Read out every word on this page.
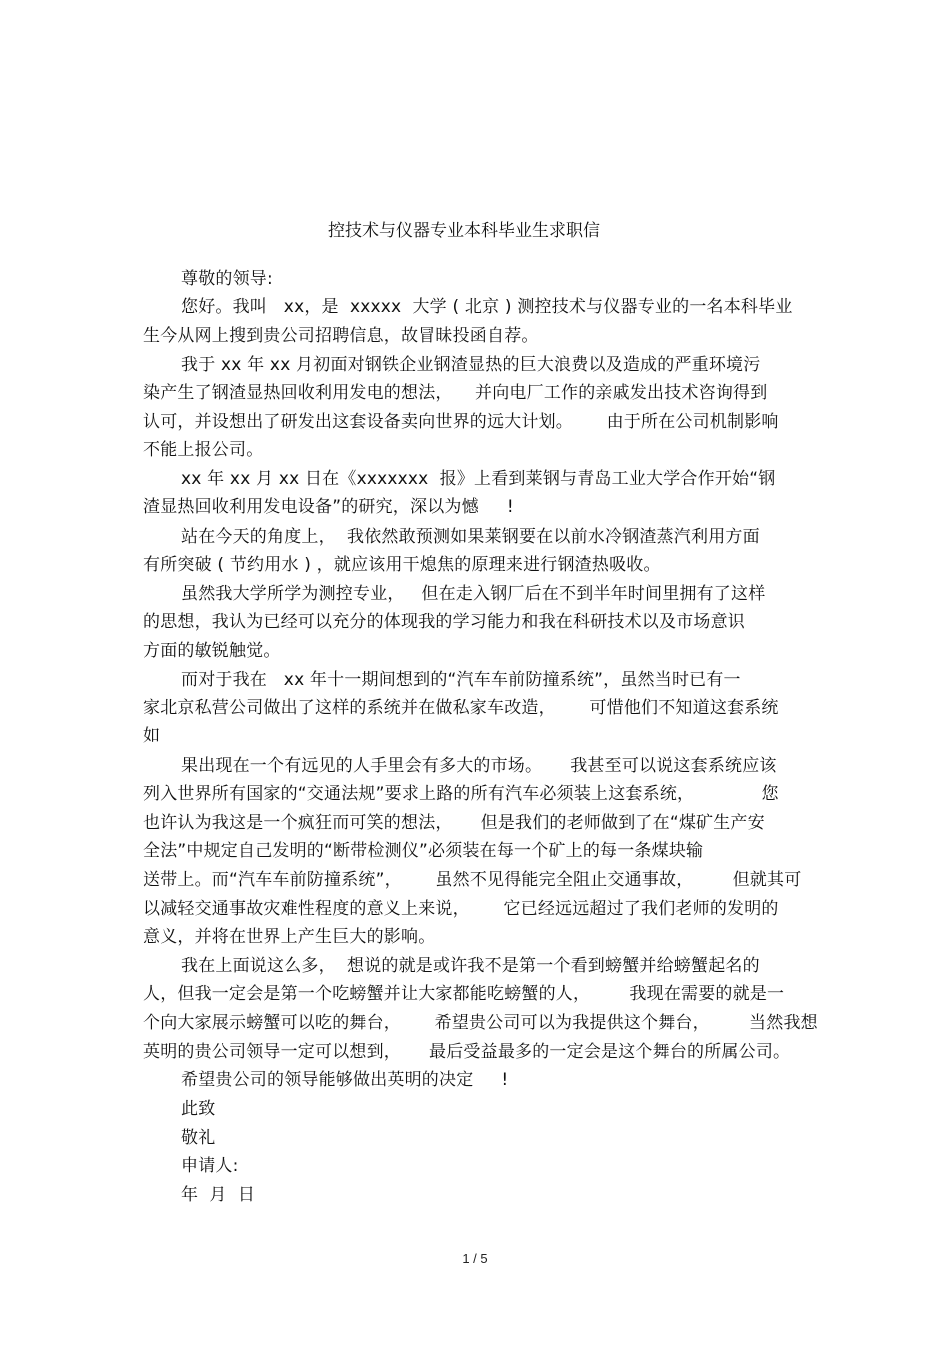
控技术与仪器专业本科毕业生求职信
尊敬的领导:
您好。我叫   xx，是  xxxxx  大学 ( 北京 ) 测控技术与仪器专业的一名本科毕业
生今从网上搜到贵公司招聘信息，故冒昧投函自荐。
我于 xx 年 xx 月初面对钢铁企业钢渣显热的巨大浪费以及造成的严重环境污
染产生了钢渣显热回收利用发电的想法，    并向电厂工作的亲戚发出技术咨询得到
认可，并设想出了研发出这套设备卖向世界的远大计划。      由于所在公司机制影响
不能上报公司。
xx 年 xx 月 xx 日在《xxxxxxx  报》上看到莱钢与青岛工业大学合作开始“钢
渣显热回收利用发电设备”的研究，深以为憾     !
站在今天的角度上，  我依然敢预测如果莱钢要在以前水冷钢渣蒸汽利用方面
有所突破 ( 节约用水 ) ，就应该用干熄焦的原理来进行钢渣热吸收。
虽然我大学所学为测控专业，   但在走入钢厂后在不到半年时间里拥有了这样
的思想，我认为已经可以充分的体现我的学习能力和我在科研技术以及市场意识
方面的敏锐触觉。
而对于我在   xx 年十一期间想到的“汽车车前防撞系统”，虽然当时已有一
家北京私营公司做出了这样的系统并在做私家车改造，      可惜他们不知道这套系统
如
果出现在一个有远见的人手里会有多大的市场。     我甚至可以说这套系统应该
列入世界所有国家的“交通法规”要求上路的所有汽车必须装上这套系统，            您
也许认为我这是一个疯狂而可笑的想法，     但是我们的老师做到了在“煤矿生产安
全法”中规定自己发明的“断带检测仪”必须装在每一个矿上的每一条煤块输
送带上。而“汽车车前防撞系统”，      虽然不见得能完全阻止交通事故，       但就其可
以减轻交通事故灾难性程度的意义上来说，      它已经远远超过了我们老师的发明的
意义，并将在世界上产生巨大的影响。
我在上面说这么多，  想说的就是或许我不是第一个看到螃蟹并给螃蟹起名的
人，但我一定会是第一个吃螃蟹并让大家都能吃螃蟹的人，       我现在需要的就是一
个向大家展示螃蟹可以吃的舞台，      希望贵公司可以为我提供这个舞台，       当然我想
英明的贵公司领导一定可以想到，     最后受益最多的一定会是这个舞台的所属公司。
希望贵公司的领导能够做出英明的决定     !
此致
敬礼
申请人:
年  月  日
1 / 5
